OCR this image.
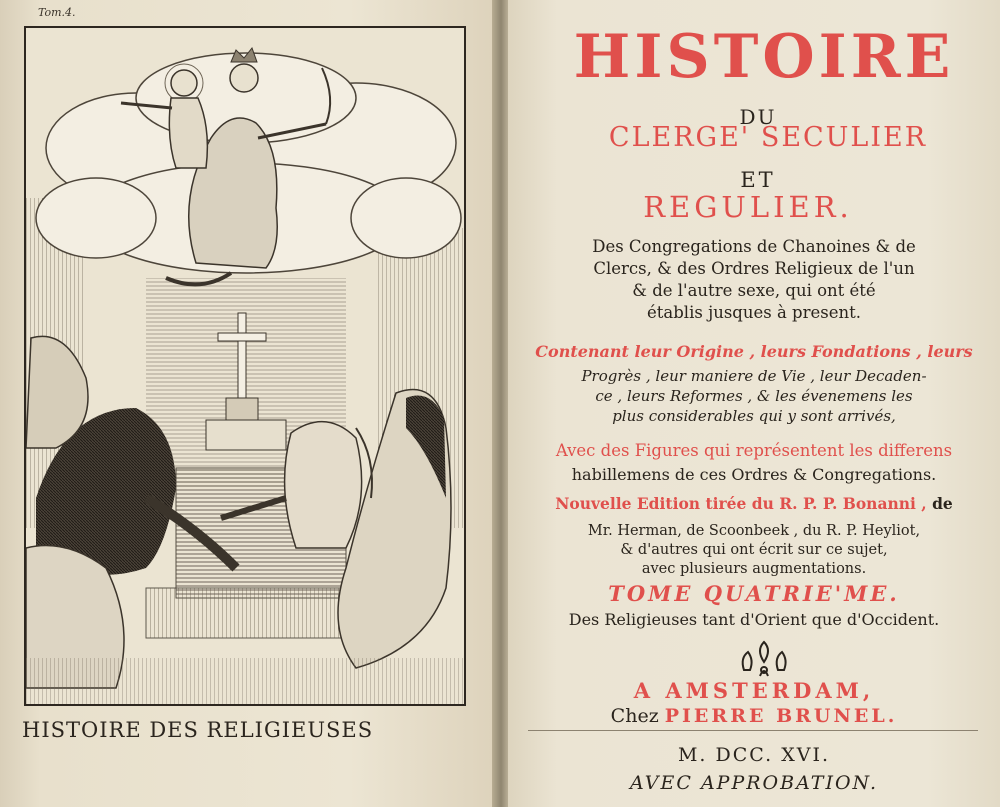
Tom.4.
HISTOIRE DES RELIGIEUSES
HISTOIRE
DU
CLERGE' SECULIER
ET
REGULIER.
Des Congregations de Chanoines & de
Clercs, & des Ordres Religieux de l'un
& de l'autre sexe, qui ont été
établis jusques à present.
Contenant leur Origine , leurs Fondations , leurs
Progrès , leur maniere de Vie , leur Decaden-
ce , leurs Reformes , & les évenemens les
plus considerables qui y sont arrivés,
Avec des Figures qui représentent les differens
habillemens de ces Ordres & Congregations.
Nouvelle Edition tirée du R. P. P. Bonanni , de
Mr. Herman, de Scoonbeek , du R. P. Heyliot,
& d'autres qui ont écrit sur ce sujet,
avec plusieurs augmentations.
TOME QUATRIE'ME.
Des Religieuses tant d'Orient que d'Occident.
A AMSTERDAM,
Chez PIERRE BRUNEL.
M. DCC. XVI.
AVEC APPROBATION.
